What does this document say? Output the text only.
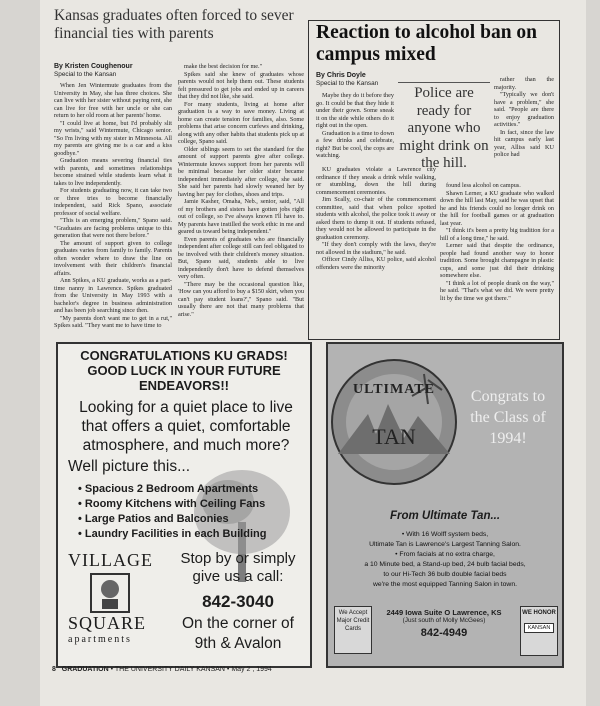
Kansas graduates often forced to sever financial ties with parents
By Kristen Coughenour
Special to the Kansan

When Jen Wintermute graduates from the University in May, she has three choices. She can live with her sister without paying rent, she can live for free with her uncle or she can return to her old room at her parents' home.

"I could live at home, but I'd probably slit my wrists," said Wintermute, Chicago senior. "So I'm living with my sister in Minnesota. All my parents are giving me is a car and a kiss goodbye."

Graduation means severing financial ties with parents, and sometimes relationships become strained while students learn what it takes to live independently.

For students graduating now, it can take two or three tries to become financially independent, said Rick Spano, associate professor of social welfare.

"This is an emerging problem," Spano said. "Graduates are facing problems unique to this generation that were not there before."

The amount of support given to college graduates varies from family to family. Parents often wonder where to draw the line on involvement with their children's financial affairs.

Ann Spikes, a KU graduate, works as a part-time nanny in Lawrence. Spikes graduated from the University in May 1993 with a bachelor's degree in business administration and has been job searching since then.

"My parents don't want me to get in a rut," Spikes said. "They want me to have time to

make the best decision for me."

Spikes said she knew of graduates whose parents would not help them out. These students felt pressured to get jobs and ended up in careers that they did not like, she said.

For many students, living at home after graduation is a way to save money. Living at home can create tension for families, also. Some problems that arise concern curfews and drinking, along with any other habits that students pick up at college, Spano said.

Older siblings seem to set the standard for the amount of support parents give after college. Wintermute knows support from her parents will be minimal because her older sister became independent immediately after college, she said. She said her parents had slowly weaned her by having her pay for clothes, shoes and trips.

Jamie Kasher, Omaha, Neb., senior, said, "All of my brothers and sisters have gotten jobs right out of college, so I've always known I'll have to. My parents have instilled the work ethic in me and geared us toward being independent."

Even parents of graduates who are financially independent after college still can feel obligated to be involved with their children's money situation. But, Spano said, students able to live independently don't have to defend themselves very often.

"There may be the occasional question like, 'How can you afford to buy a $150 skirt, when you can't pay student loans?'," Spano said. "But usually there are not that many problems that arise."

Reaction to alcohol ban on campus mixed
By Chris Doyle
Special to the Kansan

Maybe they do it before they go. It could be that they hide it under their gown. Some sneak it on the side while others do it right out in the open.

Graduation is a time to down a few drinks and celebrate, right? But be cool, the cops are watching.

Police are ready for anyone who might drink on the hill.

KU graduates violate a Lawrence city ordinance if they sneak a drink while walking, or stumbling, down the hill during commencement ceremonies.

Jim Scally, co-chair of the commencement committee, said that when police spotted students with alcohol, the police took it away or asked them to dump it out. If students refused, they would not be allowed to participate in the graduation ceremony.

"If they don't comply with the laws, they're not allowed in the stadium," he said.

Officer Cindy Alliss, KU police, said alcohol offenders were the minority

rather than the majority.

"Typically we don't have a problem," she said. "People are there to enjoy graduation activities."

In fact, since the law hit campus early last year, Alliss said KU police had

found less alcohol on campus.

Shawn Lerner, a KU graduate who walked down the hill last May, said he was upset that he and his friends could no longer drink on the hill for football games or at graduation last year.

"I think it's been a pretty big tradition for a hill of a long time," he said.

Lerner said that despite the ordinance, people had found another way to honor tradition. Some brought champagne in plastic cups, and some just did their drinking somewhere else.

"I think a lot of people drank on the way," he said. "That's what we did. We were pretty lit by the time we got there."

CONGRATULATIONS KU GRADS! GOOD LUCK IN YOUR FUTURE ENDEAVORS!!
Looking for a quiet place to live that offers a quiet, comfortable atmosphere, and much more?
Well picture this...
• Spacious 2 Bedroom Apartments
• Roomy Kitchens with Ceiling Fans
• Large Patios and Balconies
• Laundry Facilities in each Building
VILLAGE
SQUARE
apartments
Stop by or simply give us a call:
842-3040
On the corner of 9th & Avalon
ULTIMATE
TAN
Congrats to the Class of 1994!
From Ultimate Tan...
• With 16 Wolff system beds,
Ultimate Tan is Lawrence's Largest Tanning Salon.
• From facials at no extra charge,
a 10 Minute bed, a Stand-up bed, 24 bulb facial beds,
to our Hi-Tech 36 bulb double facial beds
we're the most equipped Tanning Salon in town.
We Accept Major Credit Cards
2449 Iowa Suite O Lawrence, KS
(Just south of Molly McGees)
842-4949
WE HONOR
KANSAN
8 GRADUATION • THE UNIVERSITY DAILY KANSAN • May 2 , 1994
